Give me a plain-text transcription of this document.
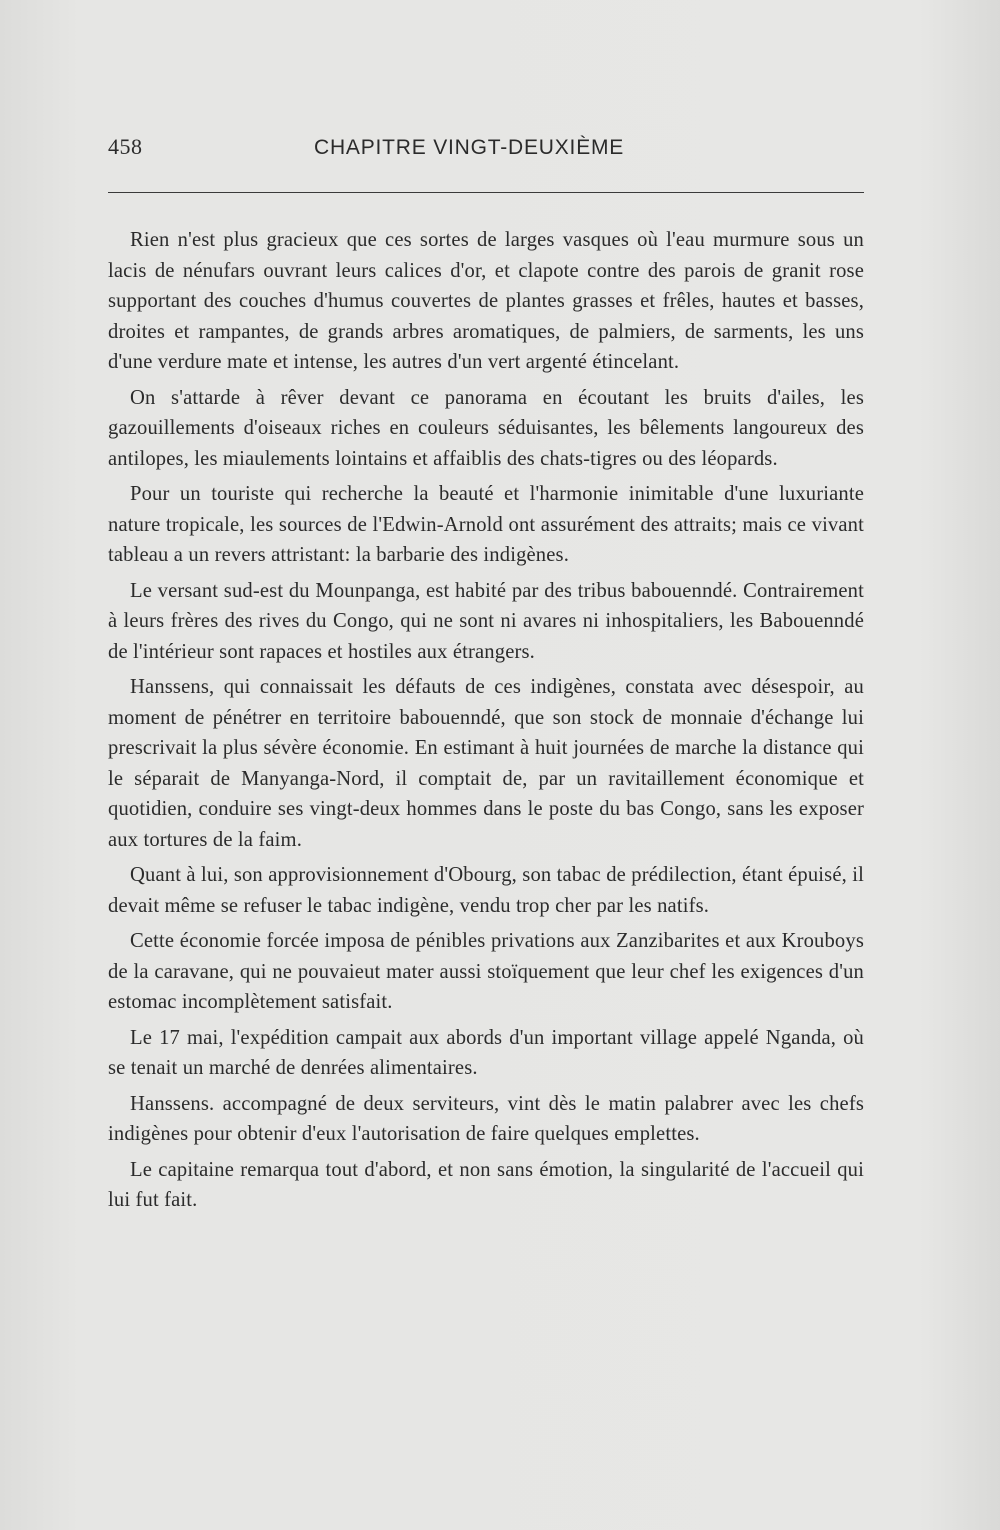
458	CHAPITRE VINGT-DEUXIÈME

Rien n'est plus gracieux que ces sortes de larges vasques où l'eau murmure sous un lacis de nénufars ouvrant leurs calices d'or, et clapote contre des parois de granit rose supportant des couches d'humus couvertes de plantes grasses et frêles, hautes et basses, droites et rampantes, de grands arbres aromatiques, de palmiers, de sarments, les uns d'une verdure mate et intense, les autres d'un vert argenté étincelant.

On s'attarde à rêver devant ce panorama en écoutant les bruits d'ailes, les gazouillements d'oiseaux riches en couleurs séduisantes, les bêlements langoureux des antilopes, les miaulements lointains et affaiblis des chats-tigres ou des léopards.

Pour un touriste qui recherche la beauté et l'harmonie inimitable d'une luxuriante nature tropicale, les sources de l'Edwin-Arnold ont assurément des attraits; mais ce vivant tableau a un revers attristant: la barbarie des indigènes.

Le versant sud-est du Mounpanga, est habité par des tribus babouenndé. Contrairement à leurs frères des rives du Congo, qui ne sont ni avares ni inhospitaliers, les Babouenndé de l'intérieur sont rapaces et hostiles aux étrangers.

Hanssens, qui connaissait les défauts de ces indigènes, constata avec désespoir, au moment de pénétrer en territoire babouenndé, que son stock de monnaie d'échange lui prescrivait la plus sévère économie. En estimant à huit journées de marche la distance qui le séparait de Manyanga-Nord, il comptait de, par un ravitaillement économique et quotidien, conduire ses vingt-deux hommes dans le poste du bas Congo, sans les exposer aux tortures de la faim.

Quant à lui, son approvisionnement d'Obourg, son tabac de prédilection, étant épuisé, il devait même se refuser le tabac indigène, vendu trop cher par les natifs.

Cette économie forcée imposa de pénibles privations aux Zanzibarites et aux Krouboys de la caravane, qui ne pouvaieut mater aussi stoïquement que leur chef les exigences d'un estomac incomplètement satisfait.

Le 17 mai, l'expédition campait aux abords d'un important village appelé Nganda, où se tenait un marché de denrées alimentaires.

Hanssens. accompagné de deux serviteurs, vint dès le matin palabrer avec les chefs indigènes pour obtenir d'eux l'autorisation de faire quelques emplettes.

Le capitaine remarqua tout d'abord, et non sans émotion, la singularité de l'accueil qui lui fut fait.
